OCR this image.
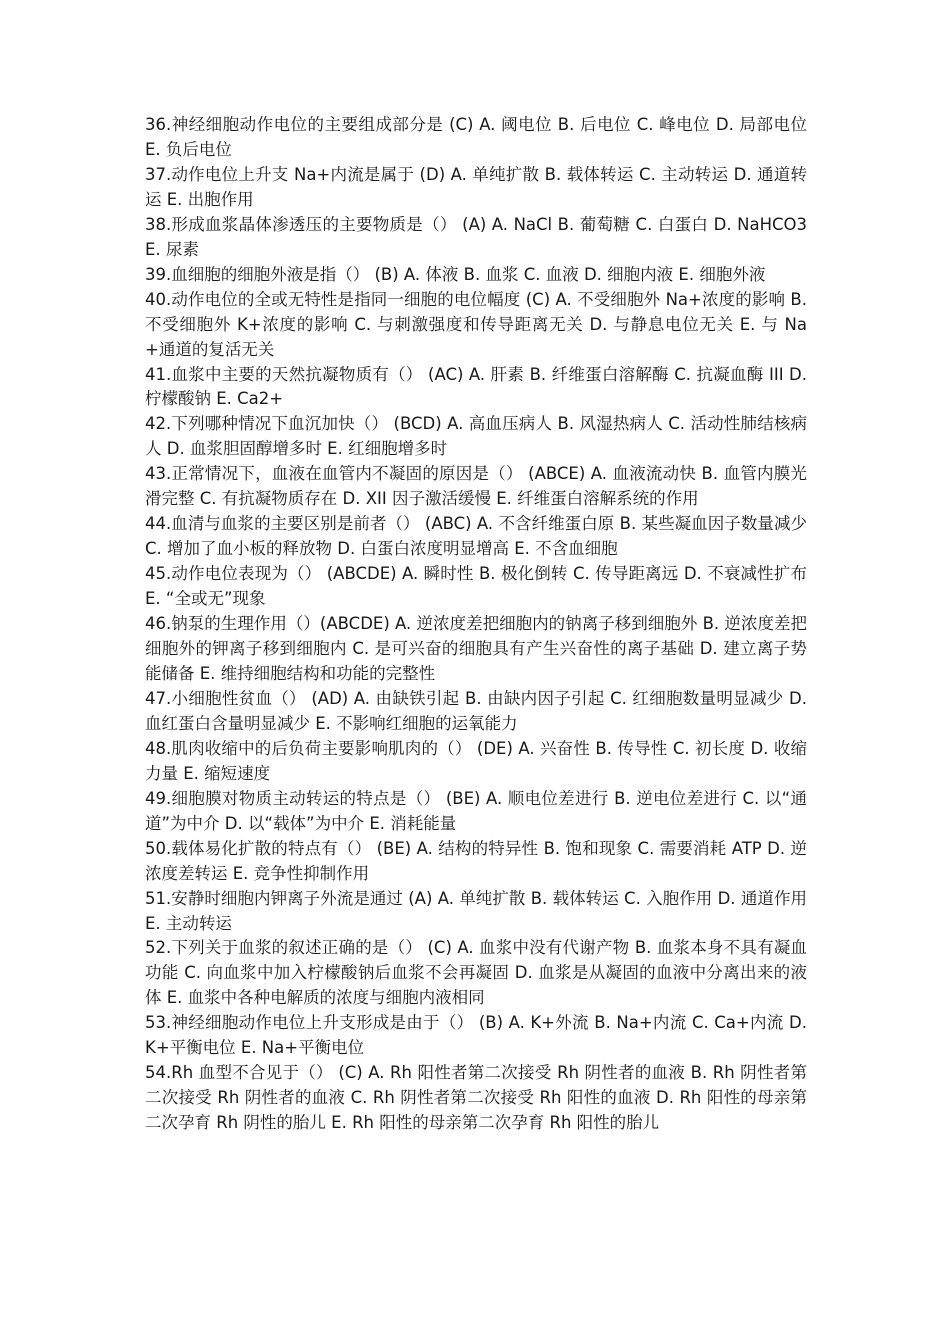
36.神经细胞动作电位的主要组成部分是 (C) A. 阈电位 B. 后电位 C. 峰电位 D. 局部电位 E. 负后电位

37.动作电位上升支 Na+内流是属于 (D) A. 单纯扩散 B. 载体转运 C. 主动转运 D. 通道转运 E. 出胞作用

38.形成血浆晶体渗透压的主要物质是（） (A) A. NaCl B. 葡萄糖 C. 白蛋白 D. NaHCO3 E. 尿素

39.血细胞的细胞外液是指（） (B) A. 体液 B. 血浆 C. 血液 D. 细胞内液 E. 细胞外液

40.动作电位的全或无特性是指同一细胞的电位幅度 (C) A. 不受细胞外 Na+浓度的影响 B. 不受细胞外 K+浓度的影响 C. 与刺激强度和传导距离无关 D. 与静息电位无关 E. 与 Na+通道的复活无关

41.血浆中主要的天然抗凝物质有（） (AC) A. 肝素 B. 纤维蛋白溶解酶 C. 抗凝血酶 III D. 柠檬酸钠 E. Ca2+

42.下列哪种情况下血沉加快（） (BCD) A. 高血压病人 B. 风湿热病人 C. 活动性肺结核病人 D. 血浆胆固醇增多时 E. 红细胞增多时

43.正常情况下，血液在血管内不凝固的原因是（） (ABCE) A. 血液流动快 B. 血管内膜光滑完整 C. 有抗凝物质存在 D. XII 因子激活缓慢 E. 纤维蛋白溶解系统的作用

44.血清与血浆的主要区别是前者（） (ABC) A. 不含纤维蛋白原 B. 某些凝血因子数量减少 C. 增加了血小板的释放物 D. 白蛋白浓度明显增高 E. 不含血细胞

45.动作电位表现为（） (ABCDE) A. 瞬时性 B. 极化倒转 C. 传导距离远 D. 不衰减性扩布 E. “全或无”现象

46.钠泵的生理作用（）(ABCDE) A. 逆浓度差把细胞内的钠离子移到细胞外 B. 逆浓度差把细胞外的钾离子移到细胞内 C. 是可兴奋的细胞具有产生兴奋性的离子基础 D. 建立离子势能储备 E. 维持细胞结构和功能的完整性

47.小细胞性贫血（） (AD) A. 由缺铁引起 B. 由缺内因子引起 C. 红细胞数量明显减少 D. 血红蛋白含量明显减少 E. 不影响红细胞的运氧能力

48.肌肉收缩中的后负荷主要影响肌肉的（） (DE) A. 兴奋性 B. 传导性 C. 初长度 D. 收缩力量 E. 缩短速度

49.细胞膜对物质主动转运的特点是（） (BE) A. 顺电位差进行 B. 逆电位差进行 C. 以“通道”为中介 D. 以“载体”为中介 E. 消耗能量

50.载体易化扩散的特点有（） (BE) A. 结构的特异性 B. 饱和现象 C. 需要消耗 ATP D. 逆浓度差转运 E. 竞争性抑制作用

51.安静时细胞内钾离子外流是通过 (A) A. 单纯扩散 B. 载体转运 C. 入胞作用 D. 通道作用 E. 主动转运

52.下列关于血浆的叙述正确的是（） (C) A. 血浆中没有代谢产物 B. 血浆本身不具有凝血功能 C. 向血浆中加入柠檬酸钠后血浆不会再凝固 D. 血浆是从凝固的血液中分离出来的液体 E. 血浆中各种电解质的浓度与细胞内液相同

53.神经细胞动作电位上升支形成是由于（） (B) A. K+外流 B. Na+内流 C. Ca+内流 D. K+平衡电位 E. Na+平衡电位

54.Rh 血型不合见于（） (C) A. Rh 阳性者第二次接受 Rh 阴性者的血液 B. Rh 阴性者第二次接受 Rh 阴性者的血液 C. Rh 阴性者第二次接受 Rh 阳性的血液 D. Rh 阳性的母亲第二次孕育 Rh 阴性的胎儿 E. Rh 阳性的母亲第二次孕育 Rh 阳性的胎儿
